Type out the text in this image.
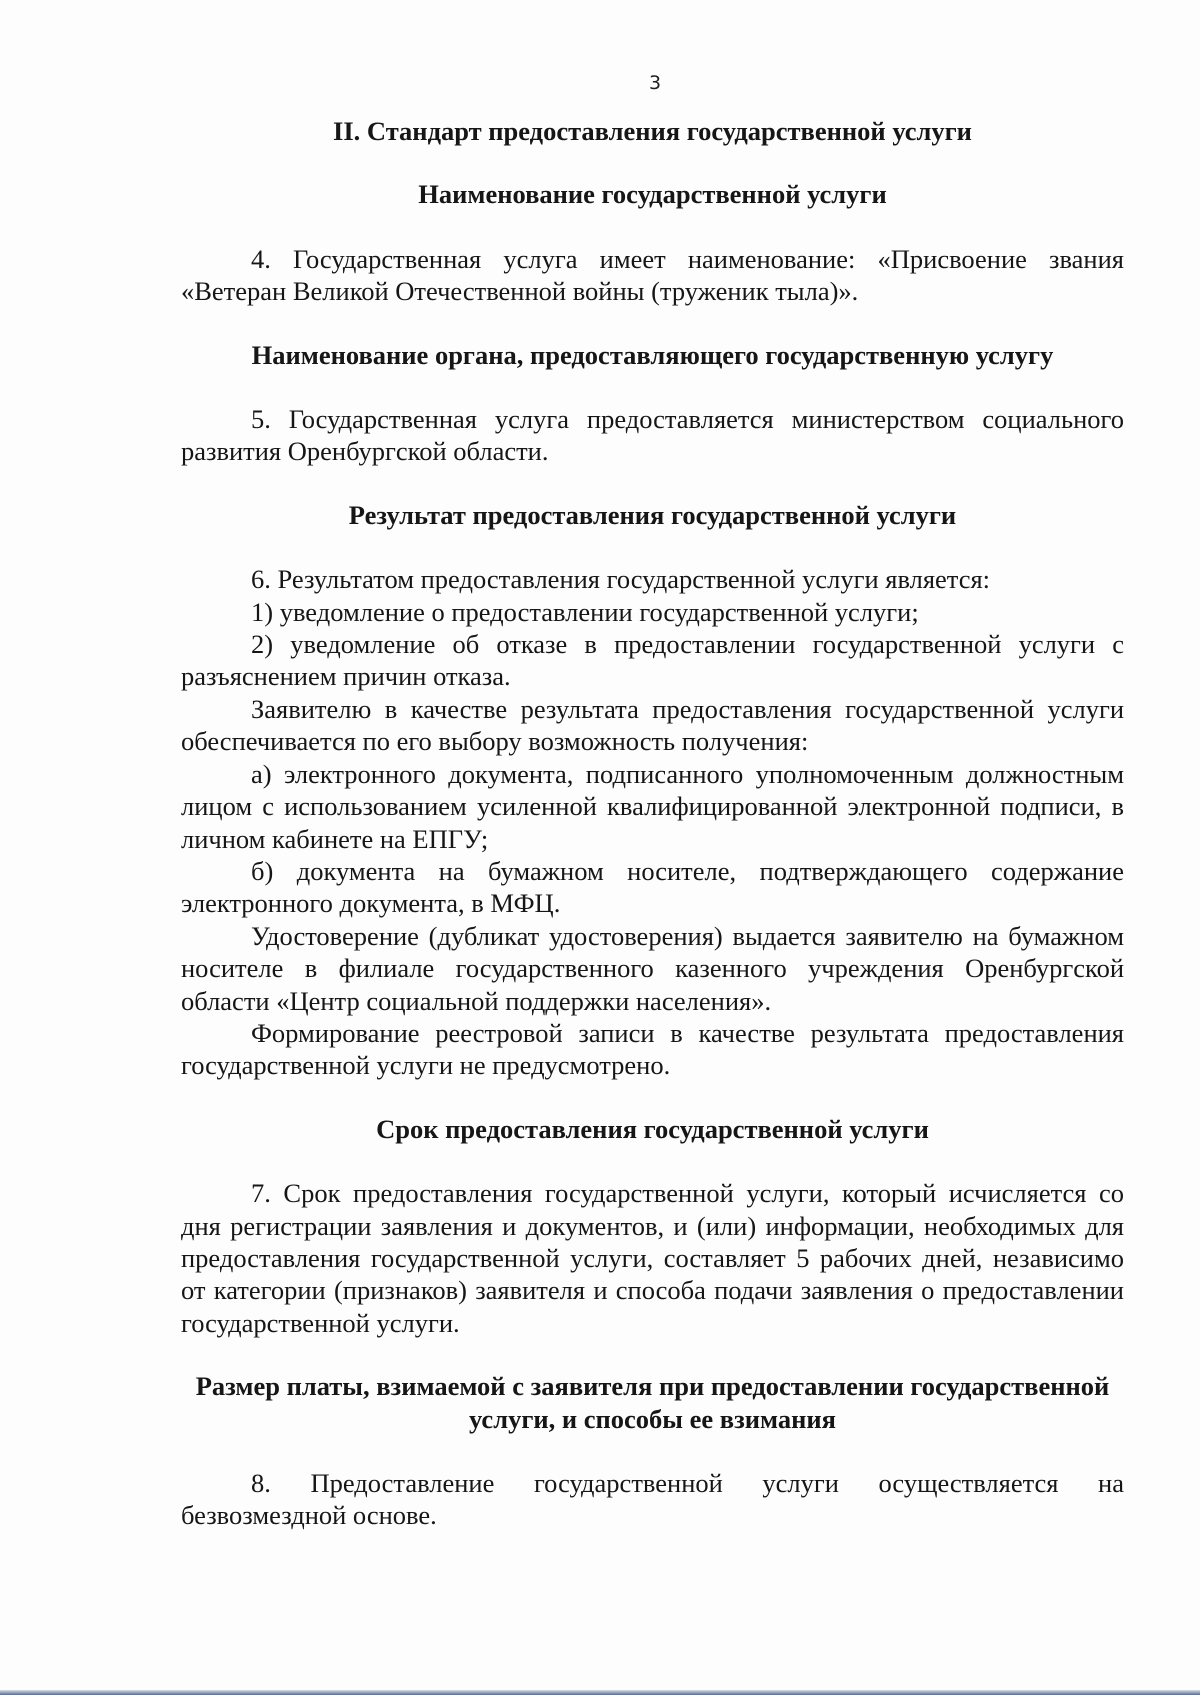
3
II. Стандарт предоставления государственной услуги
Наименование государственной услуги

4. Государственная услуга имеет наименование: «Присвоение звания «Ветеран Великой Отечественной войны (труженик тыла)».

Наименование органа, предоставляющего государственную услугу

5. Государственная услуга предоставляется министерством социального развития Оренбургской области.

Результат предоставления государственной услуги

6. Результатом предоставления государственной услуги является:

1) уведомление о предоставлении государственной услуги;

2) уведомление об отказе в предоставлении государственной услуги с разъяснением причин отказа.

Заявителю в качестве результата предоставления государственной услуги обеспечивается по его выбору возможность получения:

а) электронного документа, подписанного уполномоченным должностным лицом с использованием усиленной квалифицированной электронной подписи, в личном кабинете на ЕПГУ;

б) документа на бумажном носителе, подтверждающего содержание электронного документа, в МФЦ.

Удостоверение (дубликат удостоверения) выдается заявителю на бумажном носителе в филиале государственного казенного учреждения Оренбургской области «Центр социальной поддержки населения».

Формирование реестровой записи в качестве результата предоставления государственной услуги не предусмотрено.

Срок предоставления государственной услуги

7. Срок предоставления государственной услуги, который исчисляется со дня регистрации заявления и документов, и (или) информации, необходимых для предоставления государственной услуги, составляет 5 рабочих дней, независимо от категории (признаков) заявителя и способа подачи заявления о предоставлении государственной услуги.

Размер платы, взимаемой с заявителя при предоставлении государственной услуги, и способы ее взимания

8. Предоставление государственной услуги осуществляется на безвозмездной основе.
